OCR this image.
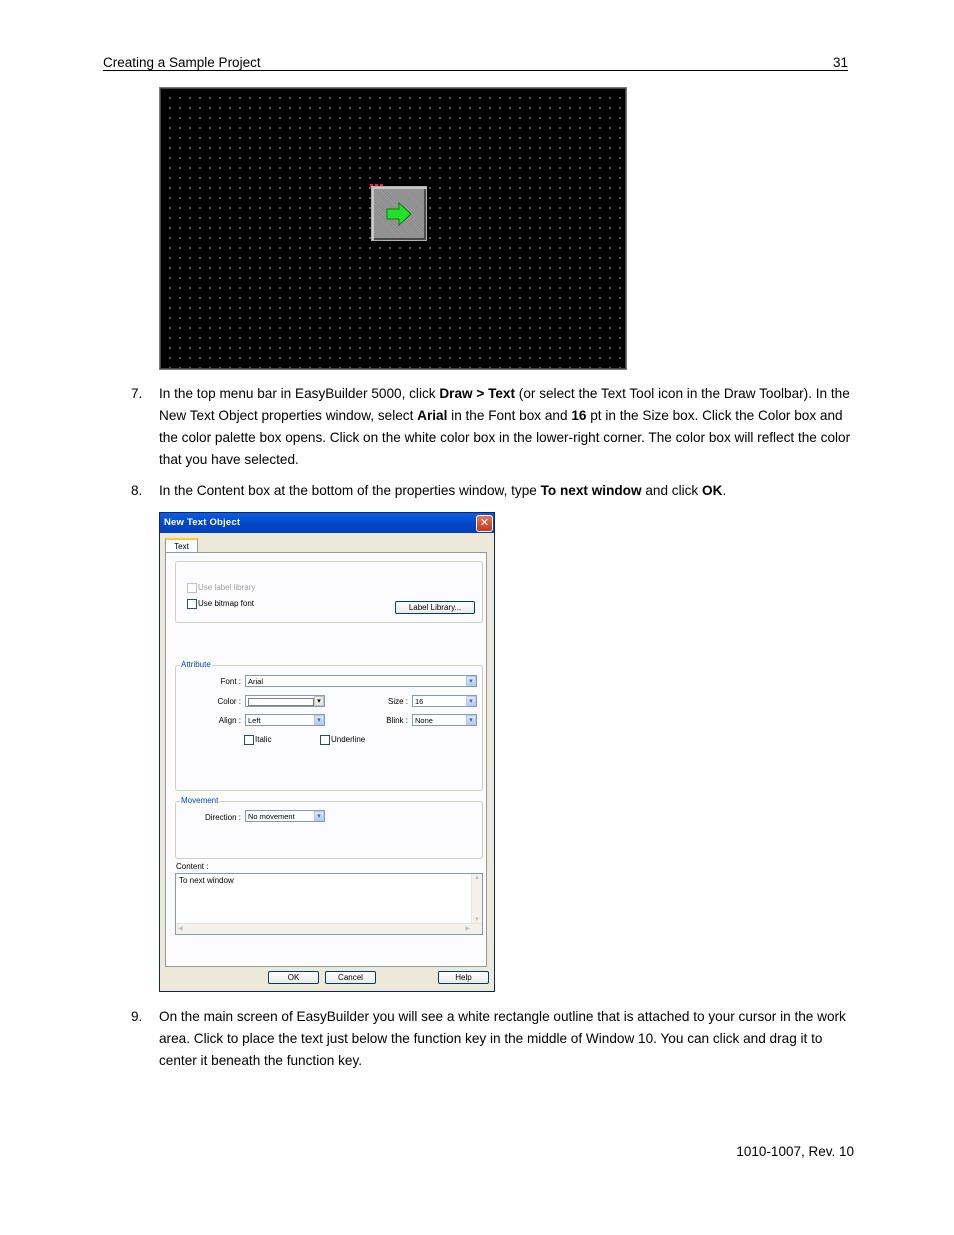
Creating a Sample Project	31
7. In the top menu bar in EasyBuilder 5000, click Draw > Text (or select the Text Tool icon in the Draw Toolbar). In the New Text Object properties window, select Arial in the Font box and 16 pt in the Size box. Click the Color box and the color palette box opens. Click on the white color box in the lower-right corner. The color box will reflect the color that you have selected.
8. In the Content box at the bottom of the properties window, type To next window and click OK.
New Text Object	✕
Text
Use label library
Use bitmap font	Label Library...
Attribute
Font : Arial	▾
Color :	▾	Size : 16	▾
Align : Left	▾	Blink : None	▾
Italic	Underline
Movement
Direction : No movement	▾
Content :
To next window	▲
▼
◀	▶
OK	Cancel	Help
9. On the main screen of EasyBuilder you will see a white rectangle outline that is attached to your cursor in the work area. Click to place the text just below the function key in the middle of Window 10. You can click and drag it to center it beneath the function key.
1010-1007, Rev. 10
